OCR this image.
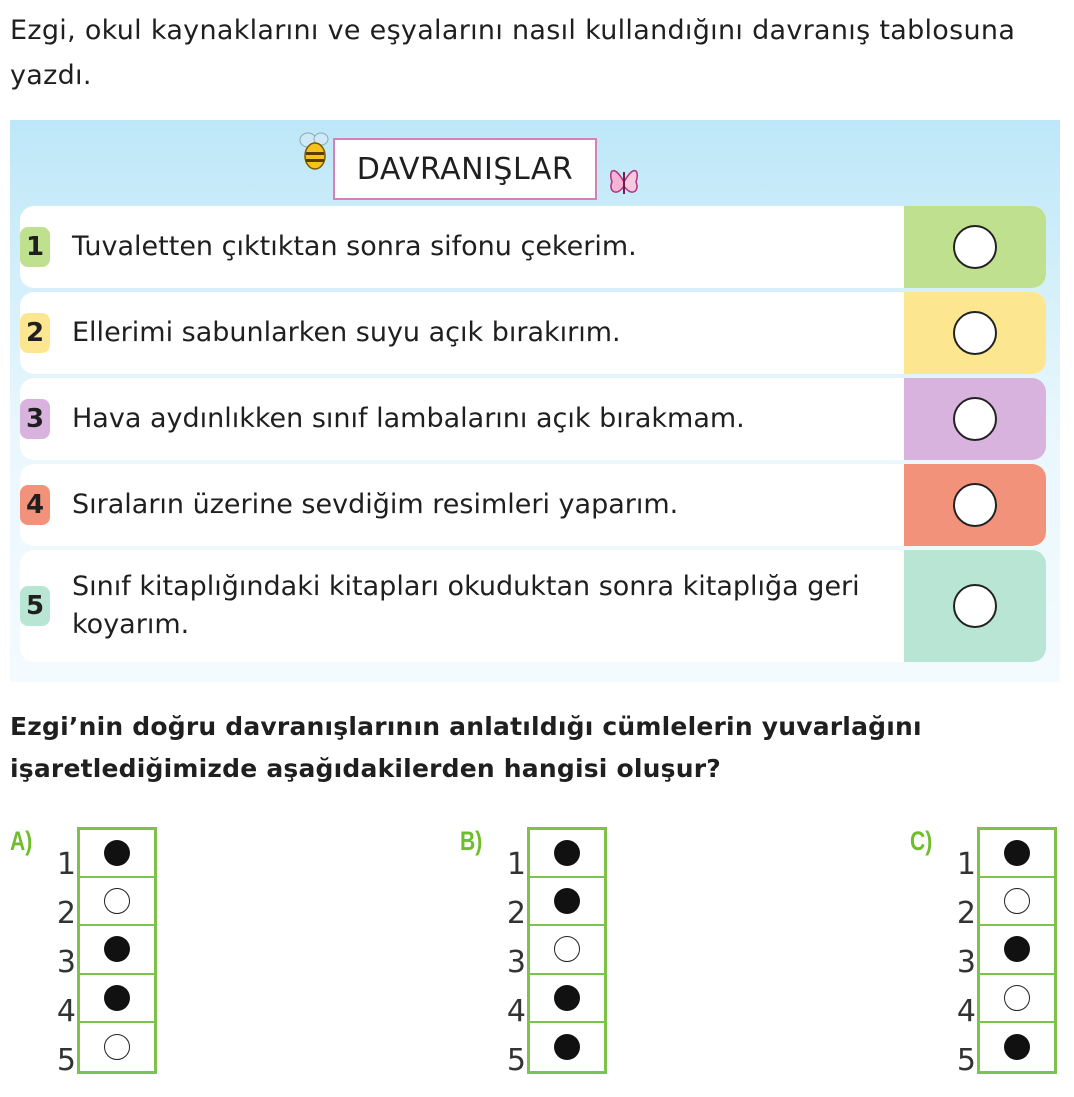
Ezgi, okul kaynaklarını ve eşyalarını nasıl kullandığını davranış tablosuna yazdı.
DAVRANIŞLAR
1 Tuvaletten çıktıktan sonra sifonu çekerim.
2 Ellerimi sabunlarken suyu açık bırakırım.
3 Hava aydınlıkken sınıf lambalarını açık bırakmam.
4 Sıraların üzerine sevdiğim resimleri yaparım.
5
Sınıf kitaplığındaki kitapları okuduktan sonra kitaplığa geri koyarım.
Ezgi’nin doğru davranışlarının anlatıldığı cümlelerin yuvarlağını işaretlediğimizde aşağıdakilerden hangisi oluşur?
A)
1
2
3
4
5
B)
1
2
3
4
5
C)
1
2
3
4
5
